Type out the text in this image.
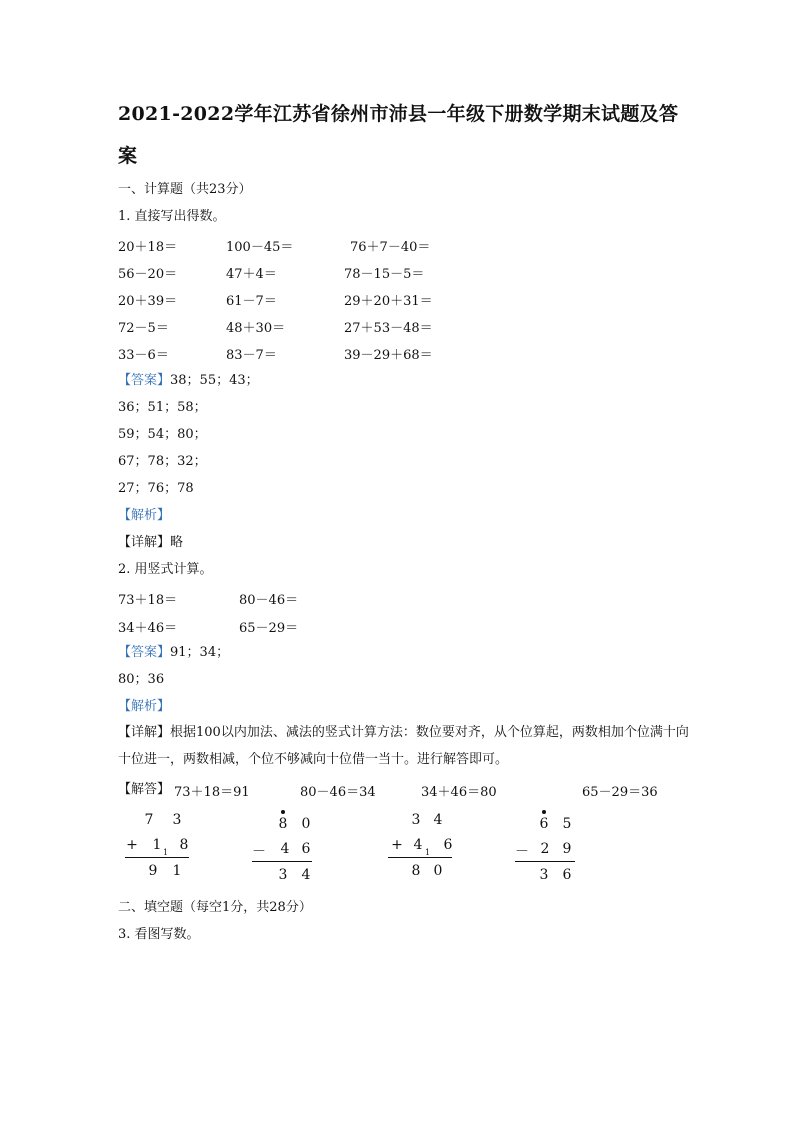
2021-2022学年江苏省徐州市沛县一年级下册数学期末试题及答案
一、计算题（共23分）
1. 直接写出得数。
20＋18＝	100－45＝	76＋7－40＝
56－20＝	47＋4＝	78－15－5＝
20＋39＝	61－7＝	29＋20＋31＝
72－5＝	48＋30＝	27＋53－48＝
33－6＝	83－7＝	39－29＋68＝
【答案】38；55；43；
36；51；58；
59；54；80；
67；78；32；
27；76；78
【解析】
【详解】略
2. 用竖式计算。
73＋18＝	80－46＝
34＋46＝	65－29＝
【答案】91；34；
80；36
【解析】
【详解】根据100以内加法、减法的竖式计算方法：数位要对齐，从个位算起，两数相加个位满十向十位进一，两数相减，个位不够减向十位借一当十。进行解答即可。
【解答】 73＋18＝91	80－46＝34	34＋46＝80	65－29＝36
7	3
+	1 1 8
9	1
8	0
－	4 6
3	4
3 4
+ 4 1 6
8 0
6	5
－ 2 9
3	6
二、填空题（每空1分，共28分）
3. 看图写数。
